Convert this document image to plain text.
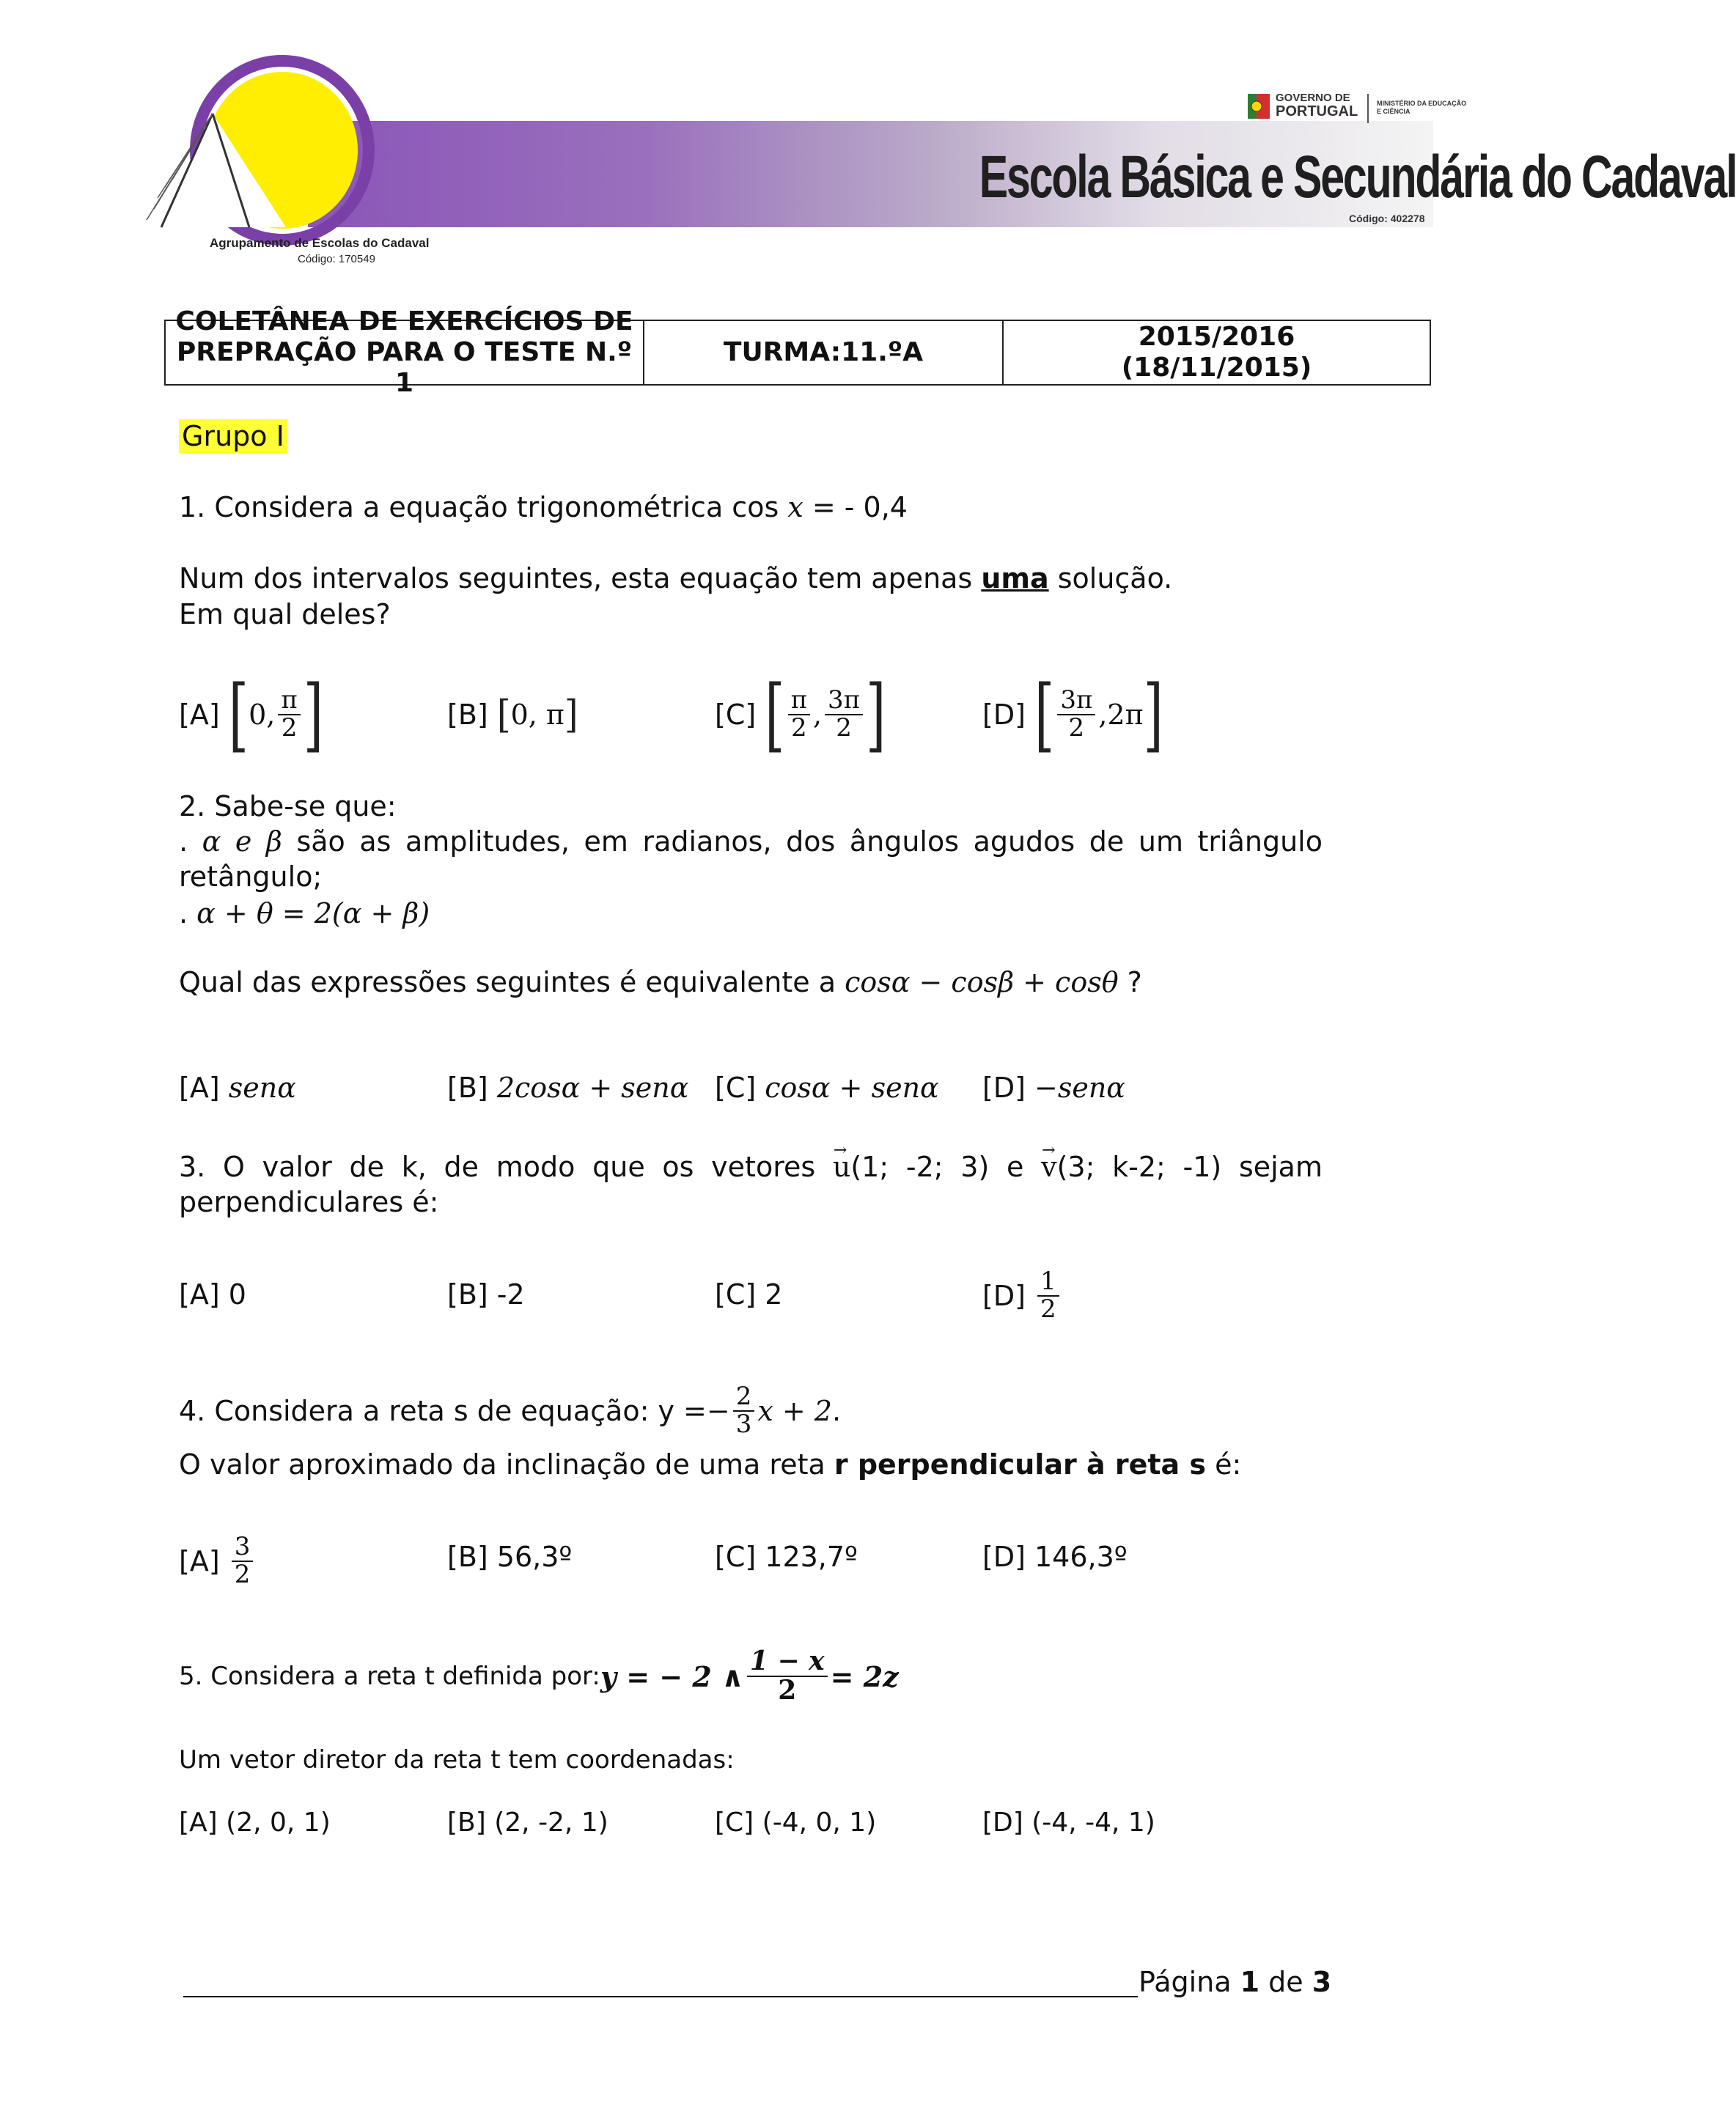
Agrupamento de Escolas do Cadaval
Código: 170549
GOVERNO DE
PORTUGAL	MINISTÉRIO DA EDUCAÇÃO
E CIÊNCIA
Escola Básica e Secundária do Cadaval
Código: 402278
COLETÂNEA DE EXERCÍCIOS DE
PREPRAÇÃO PARA O TESTE N.º 1
TURMA:11.ºA
2015/2016
(18/11/2015)
Grupo I
1. Considera a equação trigonométrica cos x = - 0,4
Num dos intervalos seguintes, esta equação tem apenas uma solução.
Em qual deles?
[A]
[ 0, $\frac{\pi}{2}$ ]	[B]
[ 0, π ]	[C]
[ $\frac{\pi}{2}$ , $\frac{3\pi}{2}$ ]	[D]
[ $\frac{3\pi}{2} ,2\pi$ ]
2. Sabe-se que:
. α e β são as amplitudes, em radianos, dos ângulos agudos de um triângulo retângulo;
. α + θ = 2(α + β)
Qual das expressões seguintes é equivalente a cosα − cosβ + cosθ ?
[A] senα	[B] 2cosα + senα [C] cosα + senα [D] −senα
3. O valor de k, de modo que os vetores → u(1; -2; 3) e → v(3; k-2; -1) sejam perpendiculares é:
[A] 0	[B] -2	[C] 2	[D]
$\frac{1}{2}$
4. Considera a reta s de equação: y = − $\frac{2}{3}$ x + 2 .
O valor aproximado da inclinação de uma reta r perpendicular à reta s é:
[A]
$\frac{3}{2}$	[B] 56,3º	[C] 123,7º	[D] 146,3º
5. Considera a reta t definida por: y = − 2 ∧ $\frac{1 - x}{2} = 2z$
Um vetor diretor da reta t tem coordenadas:
[A] (2, 0, 1)	[B] (2, -2, 1)	[C] (-4, 0, 1)	[D] (-4, -4, 1)
Página 1 de 3
